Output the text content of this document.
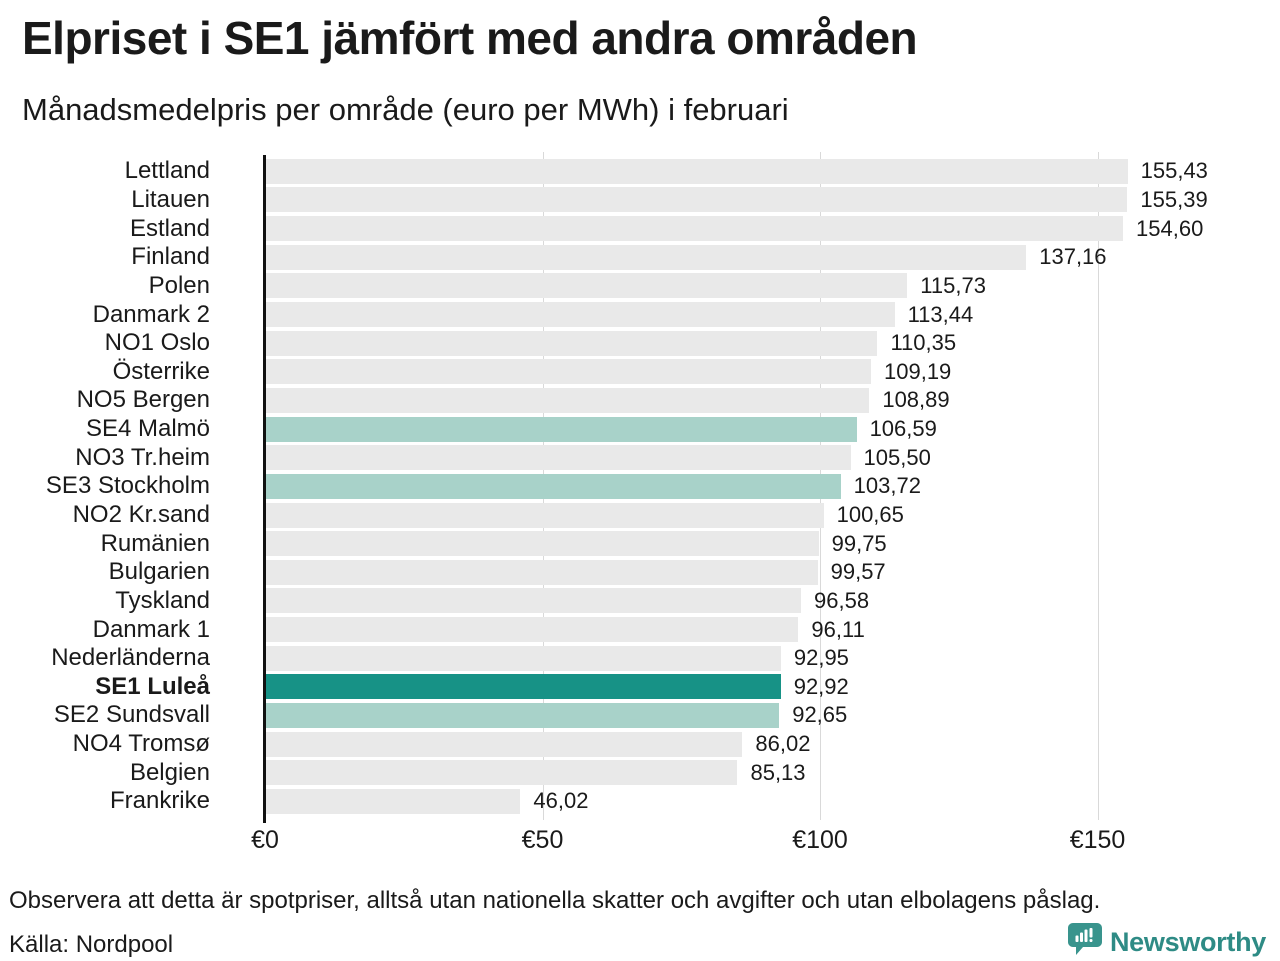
Elpriset i SE1 jämfört med andra områden
Månadsmedelpris per område (euro per MWh) i februari
Lettland	155,43
Litauen	155,39
Estland	154,60
Finland	137,16
Polen	115,73
Danmark 2	113,44
NO1 Oslo	110,35
Österrike	109,19
NO5 Bergen	108,89
SE4 Malmö	106,59
NO3 Tr.heim	105,50
SE3 Stockholm	103,72
NO2 Kr.sand	100,65
Rumänien	99,75
Bulgarien	99,57
Tyskland	96,58
Danmark 1	96,11
Nederländerna	92,95
SE1 Luleå	92,92
SE2 Sundsvall	92,65
NO4 Tromsø	86,02
Belgien	85,13
Frankrike	46,02
€0	€50	€100	€150
Observera att detta är spotpriser, alltså utan nationella skatter och avgifter och utan elbolagens påslag.
Källa: Nordpool	Newsworthy
